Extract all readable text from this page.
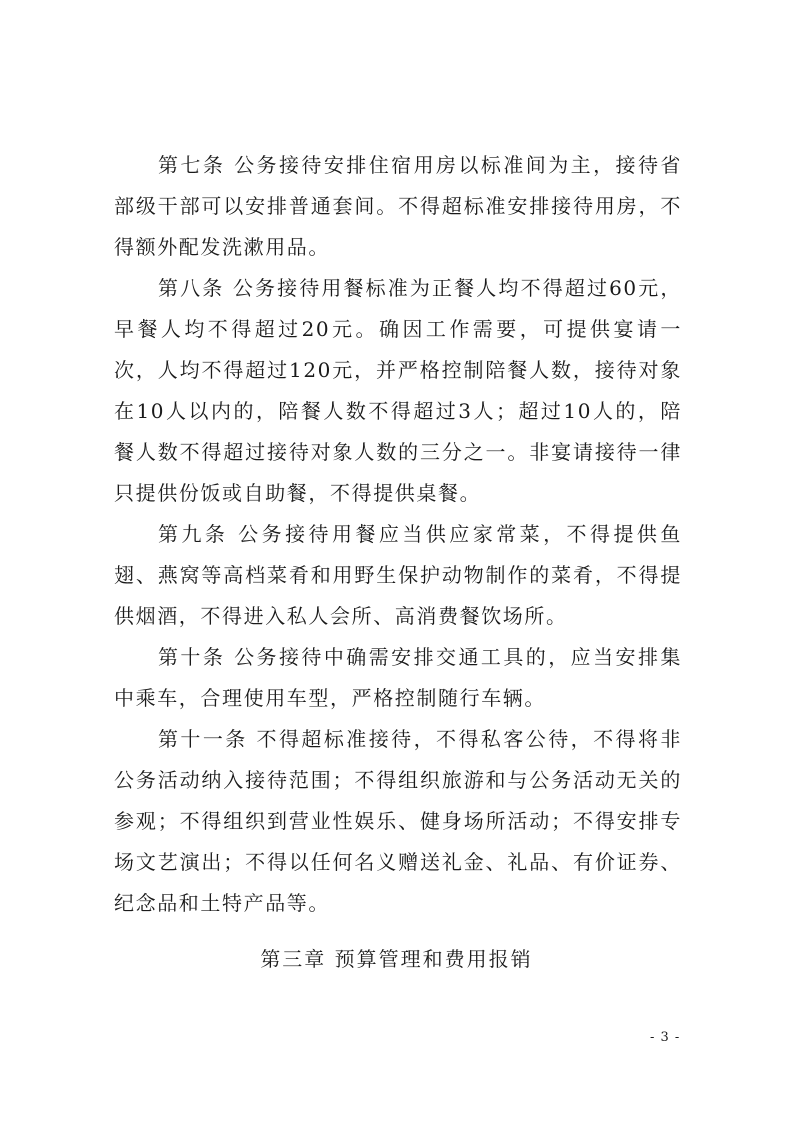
第七条 公务接待安排住宿用房以标准间为主，接待省部级干部可以安排普通套间。不得超标准安排接待用房，不得额外配发洗漱用品。

第八条 公务接待用餐标准为正餐人均不得超过60元，早餐人均不得超过20元。确因工作需要，可提供宴请一次，人均不得超过120元，并严格控制陪餐人数，接待对象在10人以内的，陪餐人数不得超过3人；超过10人的，陪餐人数不得超过接待对象人数的三分之一。非宴请接待一律只提供份饭或自助餐，不得提供桌餐。

第九条 公务接待用餐应当供应家常菜，不得提供鱼翅、燕窝等高档菜肴和用野生保护动物制作的菜肴，不得提供烟酒，不得进入私人会所、高消费餐饮场所。

第十条 公务接待中确需安排交通工具的，应当安排集中乘车，合理使用车型，严格控制随行车辆。

第十一条 不得超标准接待，不得私客公待，不得将非公务活动纳入接待范围；不得组织旅游和与公务活动无关的参观；不得组织到营业性娱乐、健身场所活动；不得安排专场文艺演出；不得以任何名义赠送礼金、礼品、有价证券、纪念品和土特产品等。

第三章 预算管理和费用报销
- 3 -
